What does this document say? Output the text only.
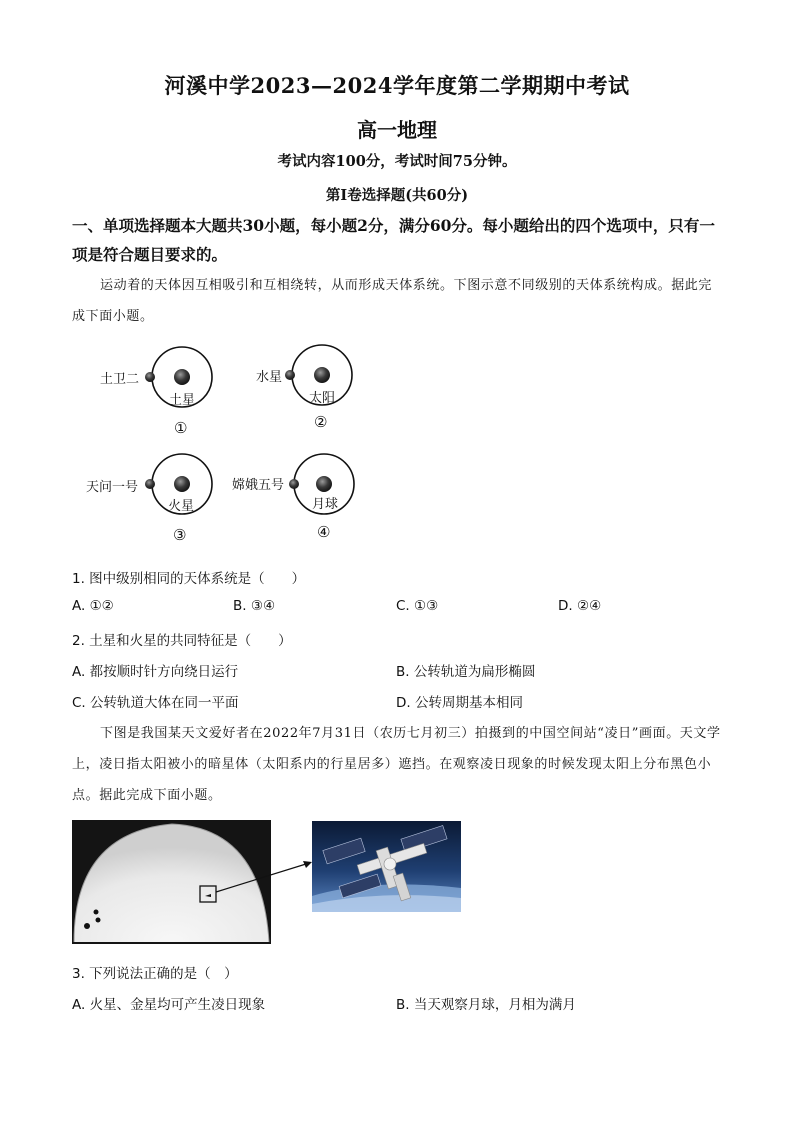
河溪中学2023—2024学年度第二学期期中考试
高一地理
考试内容100分，考试时间75分钟。
第Ⅰ卷选择题(共60分)
一、单项选择题本大题共30小题，每小题2分，满分60分。每小题给出的四个选项中，只有一项是符合题目要求的。
运动着的天体因互相吸引和互相绕转，从而形成天体系统。下图示意不同级别的天体系统构成。据此完成下面小题。
土卫二
土星
①
水星
太阳
②
天问一号
火星
③
嫦娥五号
月球
④
1. 图中级别相同的天体系统是（　　）
A. ①②	B. ③④	C. ①③	D. ②④
2. 土星和火星的共同特征是（　　）
A. 都按顺时针方向绕日运行	B. 公转轨道为扁形椭圆
C. 公转轨道大体在同一平面	D. 公转周期基本相同
下图是我国某天文爱好者在2022年7月31日（农历七月初三）拍摄到的中国空间站“凌日”画面。天文学上，凌日指太阳被小的暗星体（太阳系内的行星居多）遮挡。在观察凌日现象的时候发现太阳上分布黑色小点。据此完成下面小题。
3. 下列说法正确的是（　）
A. 火星、金星均可产生凌日现象	B. 当天观察月球，月相为满月
